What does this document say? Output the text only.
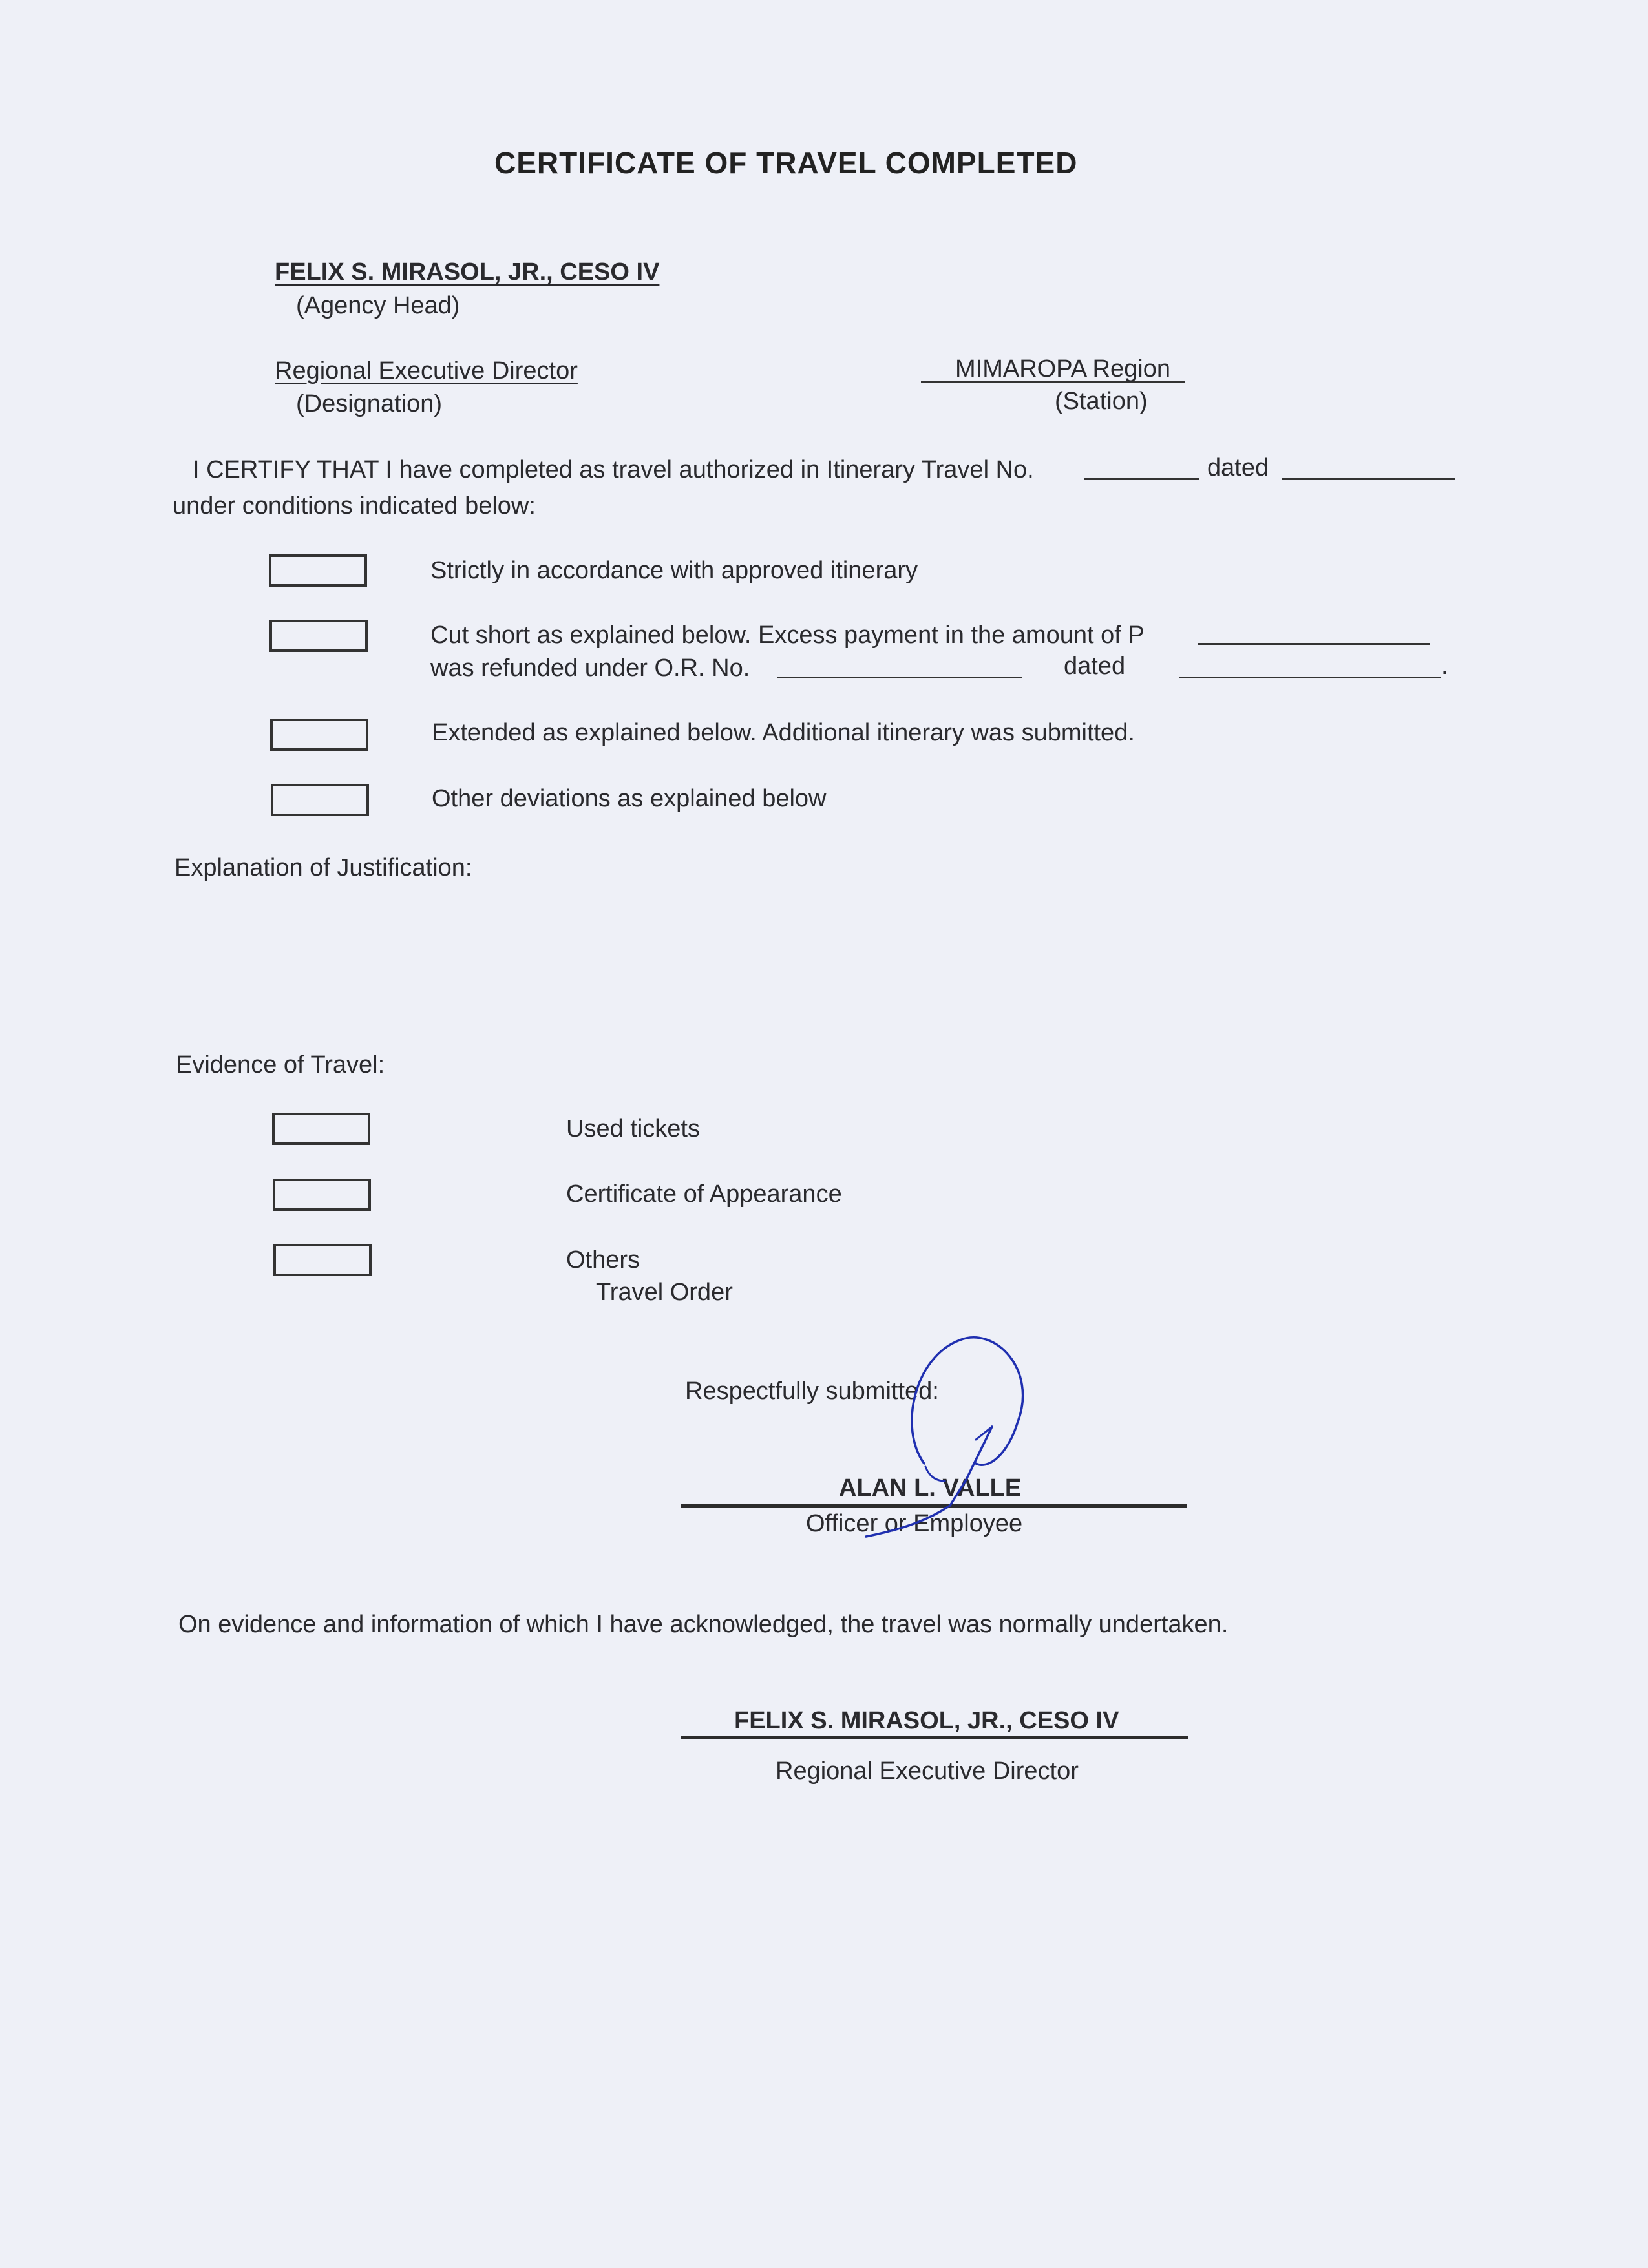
CERTIFICATE OF TRAVEL COMPLETED
FELIX S. MIRASOL, JR., CESO IV
(Agency Head)
Regional Executive Director
(Designation)
MIMAROPA Region
(Station)
I CERTIFY THAT I have completed as travel authorized in Itinerary Travel No.	dated
under conditions indicated below:
Strictly in accordance with approved itinerary
Cut short as explained below. Excess payment in the amount of P
was refunded under O.R. No.	dated	.
Extended as explained below. Additional itinerary was submitted.
Other deviations as explained below
Explanation of Justification:
Evidence of Travel:
Used tickets
Certificate of Appearance
Others
Travel Order
Respectfully submitted:
ALAN L. VALLE
Officer or Employee
On evidence and information of which I have acknowledged, the travel was normally undertaken.
FELIX S. MIRASOL, JR., CESO IV
Regional Executive Director
